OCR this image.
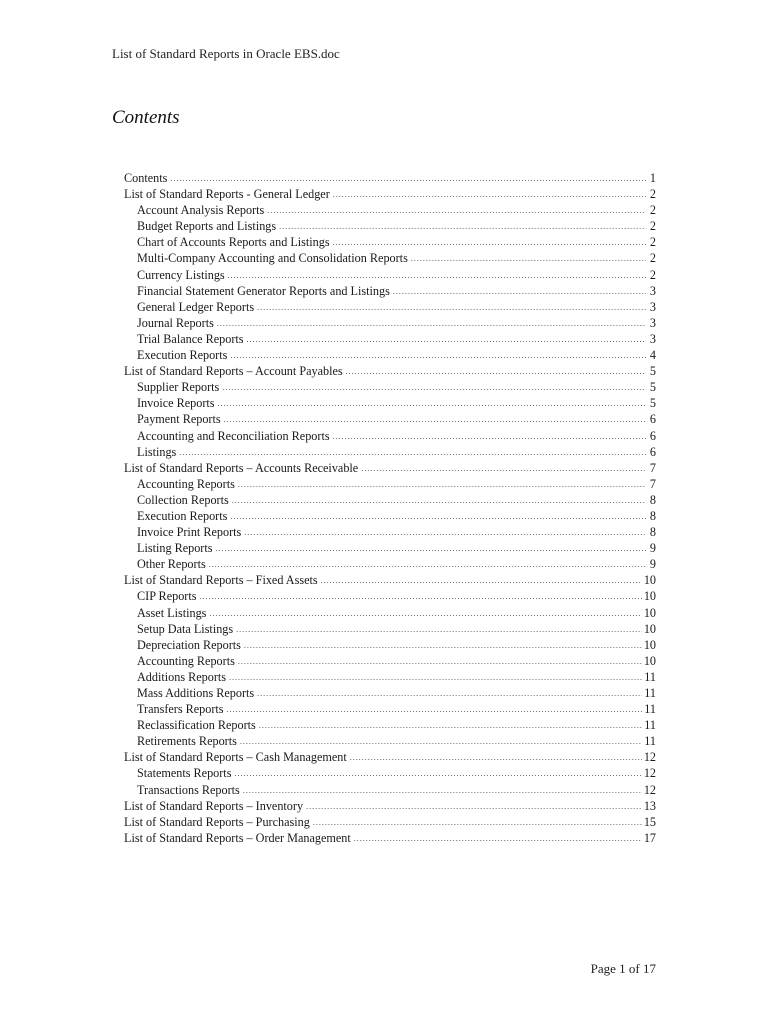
List of Standard Reports in Oracle EBS.doc
Contents
Contents .....	1
List of Standard Reports - General Ledger .....	2
Account Analysis Reports .....	2
Budget Reports and Listings .....	2
Chart of Accounts Reports and Listings .....	2
Multi-Company Accounting and Consolidation Reports .....	2
Currency Listings .....	2
Financial Statement Generator Reports and Listings .....	3
General Ledger Reports .....	3
Journal Reports .....	3
Trial Balance Reports .....	3
Execution Reports .....	4
List of Standard Reports – Account Payables .....	5
Supplier Reports .....	5
Invoice Reports .....	5
Payment Reports .....	6
Accounting and Reconciliation Reports .....	6
Listings .....	6
List of Standard Reports – Accounts Receivable .....	7
Accounting Reports .....	7
Collection Reports .....	8
Execution Reports .....	8
Invoice Print Reports .....	8
Listing Reports .....	9
Other Reports .....	9
List of Standard Reports – Fixed Assets .....	10
CIP Reports .....	10
Asset Listings .....	10
Setup Data Listings .....	10
Depreciation Reports .....	10
Accounting Reports .....	10
Additions Reports .....	11
Mass Additions Reports .....	11
Transfers Reports .....	11
Reclassification Reports .....	11
Retirements Reports .....	11
List of Standard Reports – Cash Management .....	12
Statements Reports .....	12
Transactions Reports .....	12
List of Standard Reports – Inventory .....	13
List of Standard Reports – Purchasing .....	15
List of Standard Reports – Order Management .....	17
Page 1 of 17
